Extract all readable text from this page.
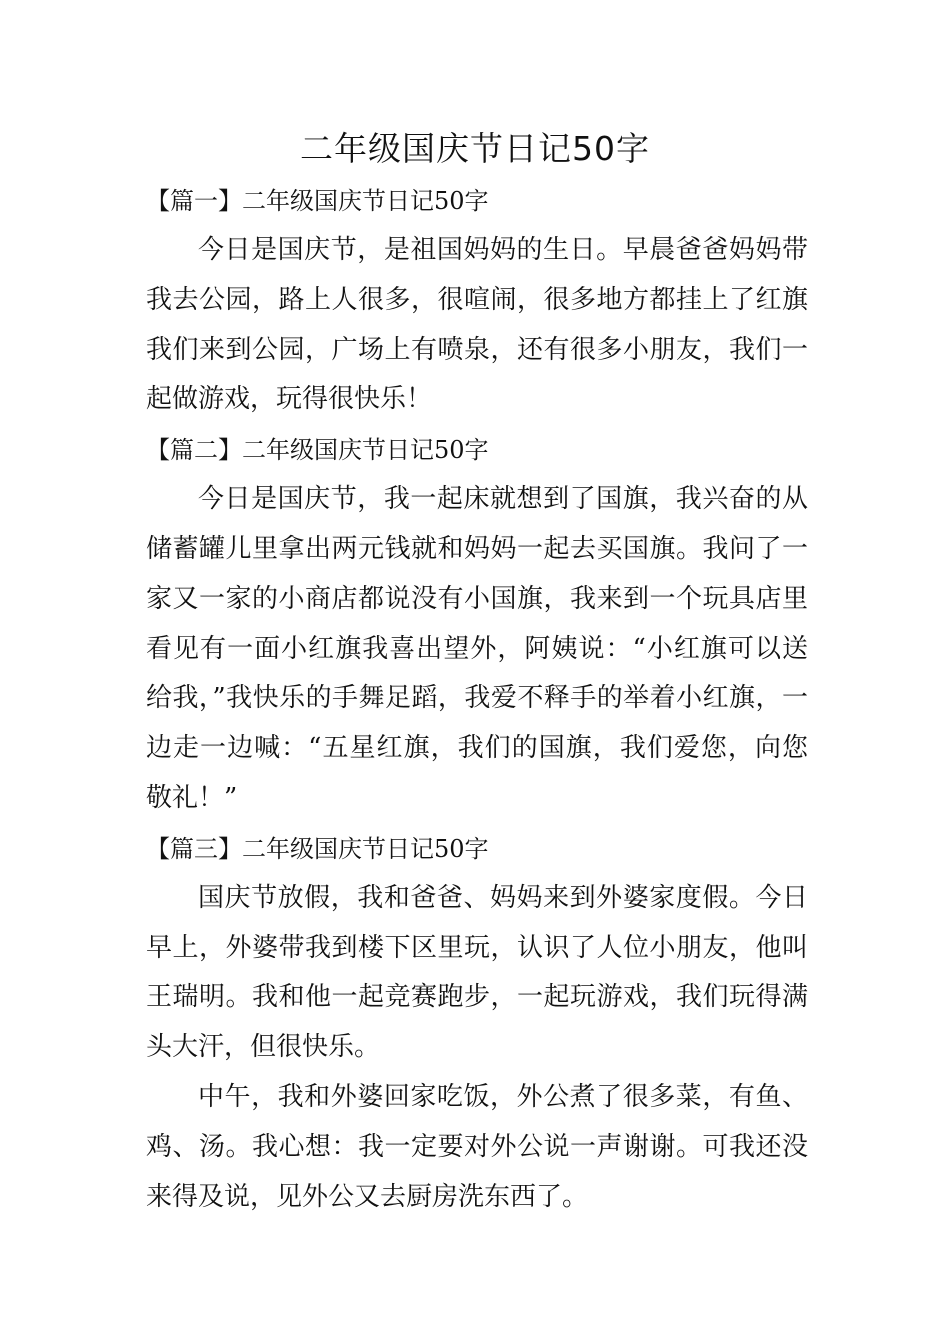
二年级国庆节日记50字
【篇一】二年级国庆节日记50字

今日是国庆节，是祖国妈妈的生日。早晨爸爸妈妈带我去公园，路上人很多，很喧闹，很多地方都挂上了红旗我们来到公园，广场上有喷泉，还有很多小朋友，我们一起做游戏，玩得很快乐！

【篇二】二年级国庆节日记50字

今日是国庆节，我一起床就想到了国旗，我兴奋的从储蓄罐儿里拿出两元钱就和妈妈一起去买国旗。我问了一家又一家的小商店都说没有小国旗，我来到一个玩具店里看见有一面小红旗我喜出望外，阿姨说：“小红旗可以送给我，”我快乐的手舞足蹈，我爱不释手的举着小红旗，一边走一边喊：“五星红旗，我们的国旗，我们爱您，向您敬礼！”

【篇三】二年级国庆节日记50字

国庆节放假，我和爸爸、妈妈来到外婆家度假。今日早上，外婆带我到楼下区里玩，认识了人位小朋友，他叫王瑞明。我和他一起竞赛跑步，一起玩游戏，我们玩得满头大汗，但很快乐。

中午，我和外婆回家吃饭，外公煮了很多菜，有鱼、鸡、汤。我心想：我一定要对外公说一声谢谢。可我还没来得及说，见外公又去厨房洗东西了。
